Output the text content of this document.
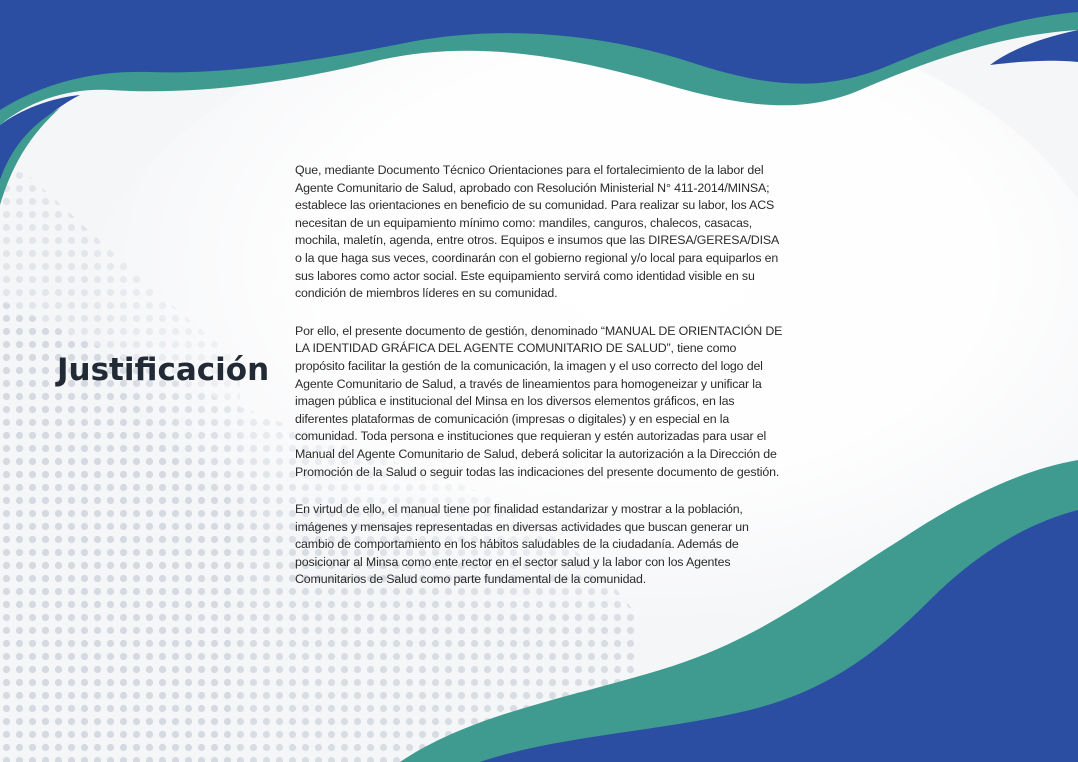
Justificación

Que, mediante Documento Técnico Orientaciones para el fortalecimiento de la labor del Agente Comunitario de Salud, aprobado con Resolución Ministerial N° 411-2014/MINSA; establece las orientaciones en beneficio de su comunidad. Para realizar su labor, los ACS necesitan de un equipamiento mínimo como: mandiles, canguros, chalecos, casacas, mochila, maletín, agenda, entre otros. Equipos e insumos que las DIRESA/GERESA/DISA o la que haga sus veces, coordinarán con el gobierno regional y/o local para equiparlos en sus labores como actor social. Este equipamiento servirá como identidad visible en su condición de miembros líderes en su comunidad.

Por ello, el presente documento de gestión, denominado “MANUAL DE ORIENTACIÓN DE LA IDENTIDAD GRÁFICA DEL AGENTE COMUNITARIO DE SALUD”, tiene como propósito facilitar la gestión de la comunicación, la imagen y el uso correcto del logo del Agente Comunitario de Salud, a través de lineamientos para homogeneizar y unificar la imagen pública e institucional del Minsa en los diversos elementos gráficos, en las diferentes plataformas de comunicación (impresas o digitales) y en especial en la comunidad. Toda persona e instituciones que requieran y estén autorizadas para usar el Manual del Agente Comunitario de Salud, deberá solicitar la autorización a la Dirección de Promoción de la Salud o seguir todas las indicaciones del presente documento de gestión.

En virtud de ello, el manual tiene por finalidad estandarizar y mostrar a la población, imágenes y mensajes representadas en diversas actividades que buscan generar un cambio de comportamiento en los hábitos saludables de la ciudadanía. Además de posicionar al Minsa como ente rector en el sector salud y la labor con los Agentes Comunitarios de Salud como parte fundamental de la comunidad.
